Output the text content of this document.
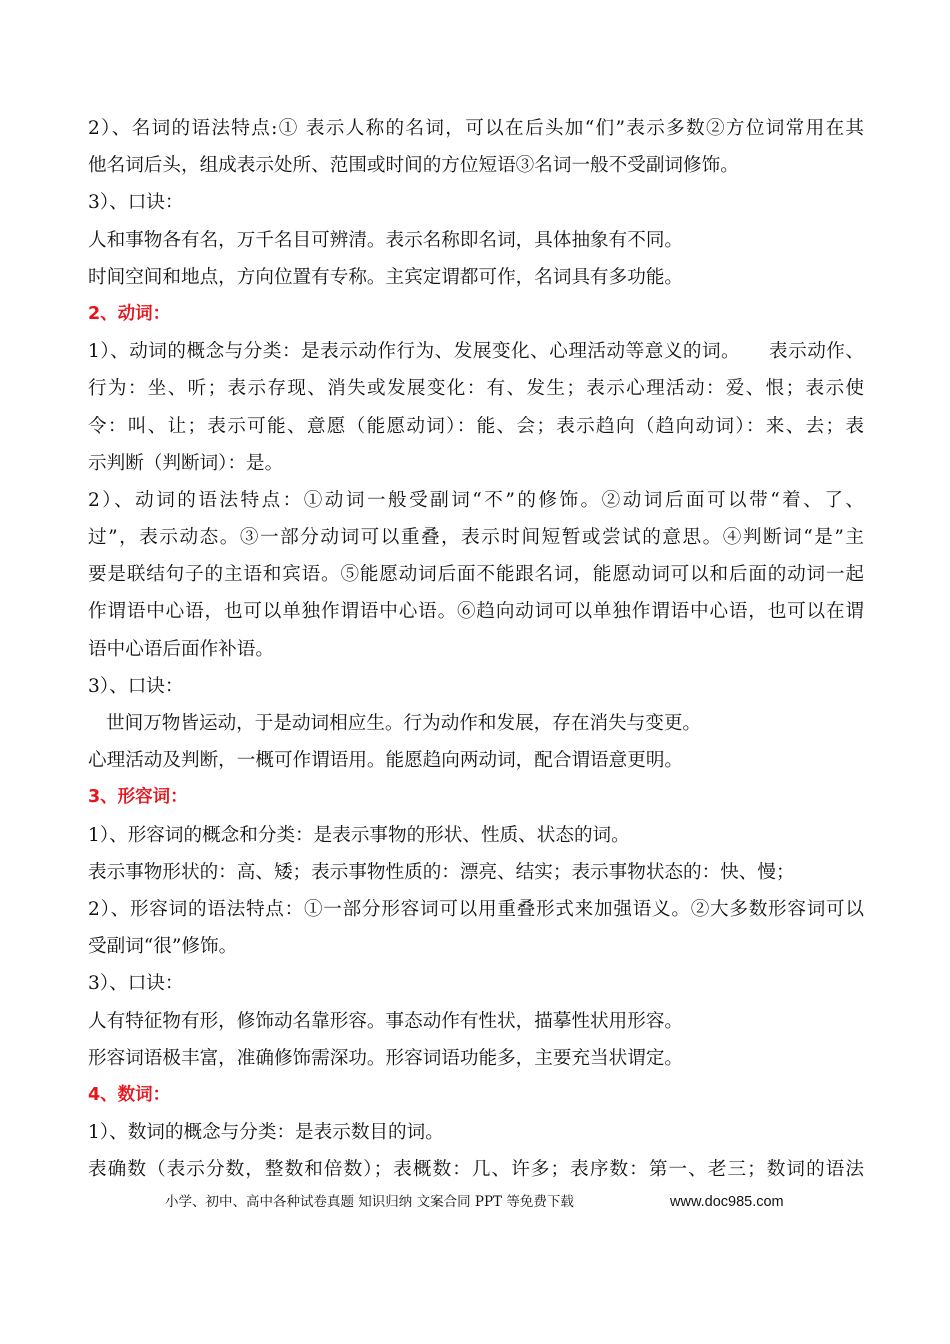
2）、名词的语法特点:① 表示人称的名词，可以在后头加“们”表示多数②方位词常用在其
他名词后头，组成表示处所、范围或时间的方位短语③名词一般不受副词修饰。
3）、口诀：
人和事物各有名，万千名目可辨清。表示名称即名词，具体抽象有不同。
时间空间和地点，方向位置有专称。主宾定谓都可作，名词具有多功能。
2、动词：
1）、动词的概念与分类：是表示动作行为、发展变化、心理活动等意义的词。　　表示动作、
行为：坐、听；表示存现、消失或发展变化：有、发生；表示心理活动：爱、恨；表示使
令：叫、让；表示可能、意愿（能愿动词）：能、会；表示趋向（趋向动词）：来、去；表
示判断（判断词）：是。
2）、动词的语法特点：①动词一般受副词“不”的修饰。②动词后面可以带“着、了、
过”，表示动态。③一部分动词可以重叠，表示时间短暂或尝试的意思。④判断词“是”主
要是联结句子的主语和宾语。⑤能愿动词后面不能跟名词，能愿动词可以和后面的动词一起
作谓语中心语，也可以单独作谓语中心语。⑥趋向动词可以单独作谓语中心语，也可以在谓
语中心语后面作补语。
3）、口诀：
世间万物皆运动，于是动词相应生。行为动作和发展，存在消失与变更。
心理活动及判断，一概可作谓语用。能愿趋向两动词，配合谓语意更明。
3、形容词：
1）、形容词的概念和分类：是表示事物的形状、性质、状态的词。
表示事物形状的：高、矮；表示事物性质的：漂亮、结实；表示事物状态的：快、慢；
2）、形容词的语法特点：①一部分形容词可以用重叠形式来加强语义。②大多数形容词可以
受副词“很”修饰。
3）、口诀：
人有特征物有形，修饰动名靠形容。事态动作有性状，描摹性状用形容。
形容词语极丰富，准确修饰需深功。形容词语功能多，主要充当状谓定。
4、数词：
1）、数词的概念与分类：是表示数目的词。
表确数（表示分数，整数和倍数）；表概数：几、许多；表序数：第一、老三；数词的语法
小学、初中、高中各种试卷真题 知识归纳 文案合同 PPT 等免费下载	www.doc985.com
